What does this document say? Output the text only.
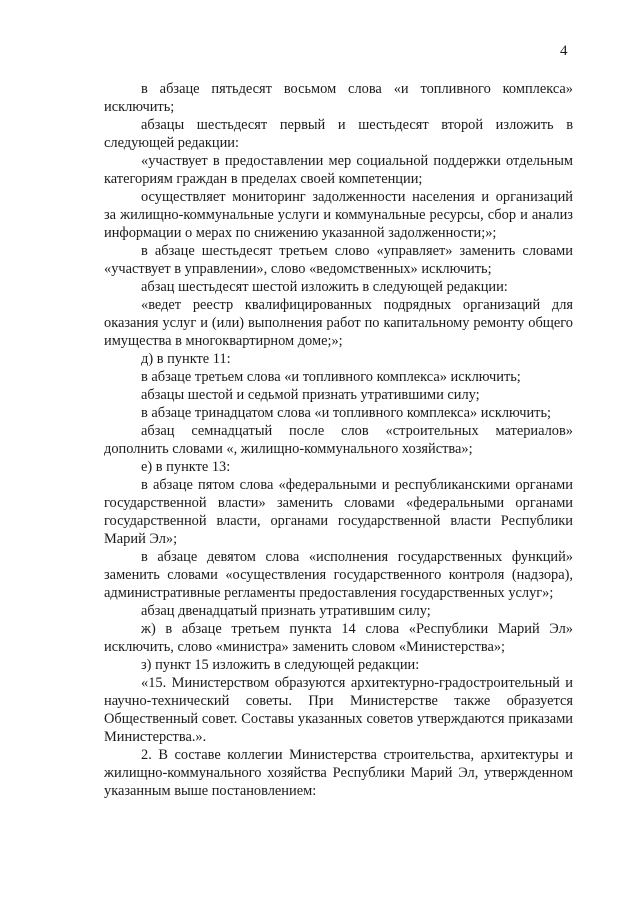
4

в абзаце пятьдесят восьмом слова «и топливного комплекса» исключить;

абзацы шестьдесят первый и шестьдесят второй изложить в следующей редакции:

«участвует в предоставлении мер социальной поддержки отдельным категориям граждан в пределах своей компетенции;

осуществляет мониторинг задолженности населения и организаций за жилищно-коммунальные услуги и коммунальные ресурсы, сбор и анализ информации о мерах по снижению указанной задолженности;»;

в абзаце шестьдесят третьем слово «управляет» заменить словами «участвует в управлении», слово «ведомственных» исключить;

абзац шестьдесят шестой изложить в следующей редакции:

«ведет реестр квалифицированных подрядных организаций для оказания услуг и (или) выполнения работ по капитальному ремонту общего имущества в многоквартирном доме;»;

д) в пункте 11:

в абзаце третьем слова «и топливного комплекса» исключить;

абзацы шестой и седьмой признать утратившими силу;

в абзаце тринадцатом слова «и топливного комплекса» исключить;

абзац семнадцатый после слов «строительных материалов» дополнить словами «, жилищно-коммунального хозяйства»;

е) в пункте 13:

в абзаце пятом слова «федеральными и республиканскими органами государственной власти» заменить словами «федеральными органами государственной власти, органами государственной власти Республики Марий Эл»;

в абзаце девятом слова «исполнения государственных функций» заменить словами «осуществления государственного контроля (надзора), административные регламенты предоставления государственных услуг»;

абзац двенадцатый признать утратившим силу;

ж) в абзаце третьем пункта 14 слова «Республики Марий Эл» исключить, слово «министра» заменить словом «Министерства»;

з) пункт 15 изложить в следующей редакции:

«15. Министерством образуются архитектурно-градостроительный и научно-технический советы. При Министерстве также образуется Общественный совет. Составы указанных советов утверждаются приказами Министерства.».

2. В составе коллегии Министерства строительства, архитектуры и жилищно-коммунального хозяйства Республики Марий Эл, утвержденном указанным выше постановлением:
